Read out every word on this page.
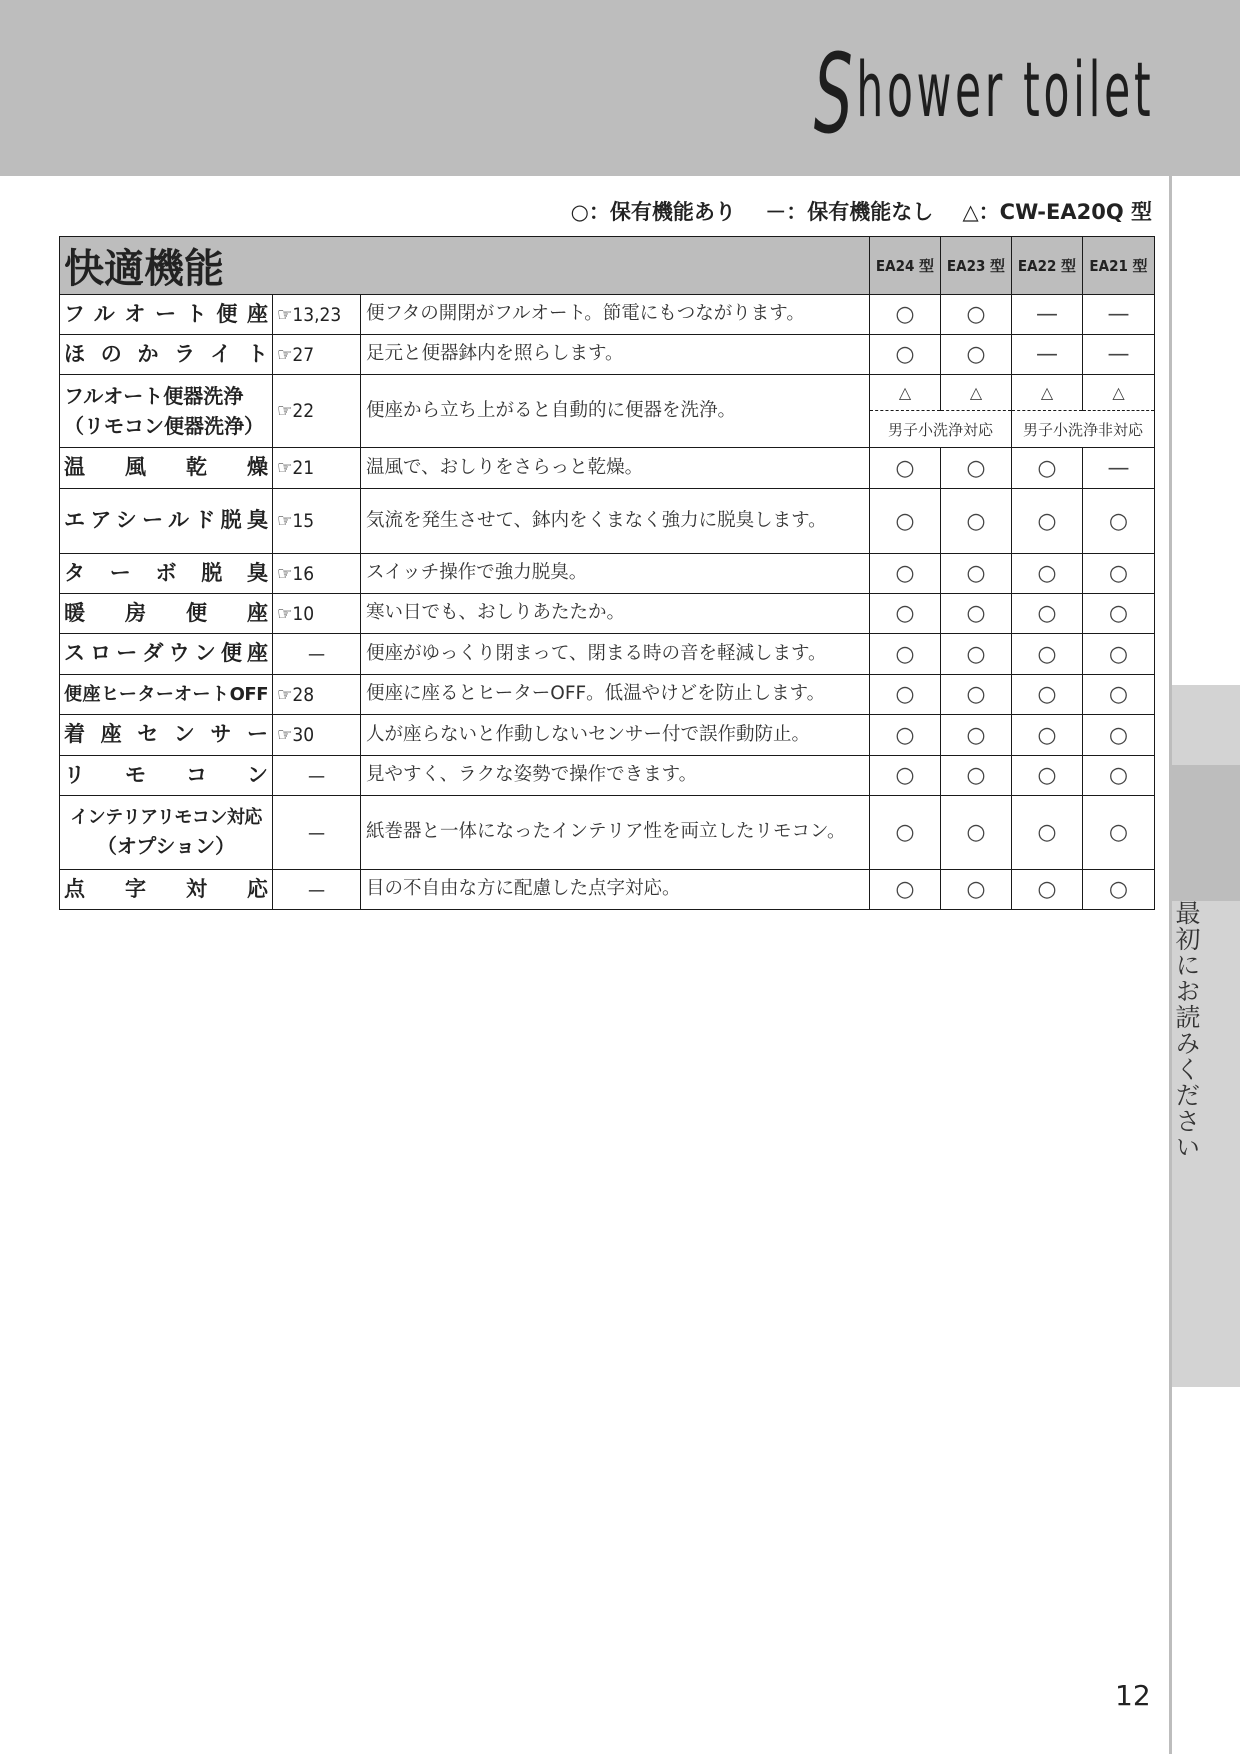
Shower toilet
最初にお読みください
○：保有機能あり －：保有機能なし △：CW-EA20Q 型
快適機能			EA24 型	EA23 型	EA22 型	EA21 型
フルオート便座	☞13,23	便フタの開閉がフルオート。節電にもつながります。	○	○	—	—
ほのかライト	☞27	足元と便器鉢内を照らします。	○	○	—	—

フルオート便器洗浄
（リモコン便器洗浄）	☞22	便座から立ち上がると自動的に便器を洗浄。	△	△	△	△
			男子小洗浄対応		男子小洗浄非対応	
温風乾燥	☞21	温風で、おしりをさらっと乾燥。	○	○	○	—
エアシールド脱臭	☞15	気流を発生させて、鉢内をくまなく強力に脱臭します。	○	○	○	○
ターボ脱臭	☞16	スイッチ操作で強力脱臭。	○	○	○	○
暖房便座	☞10	寒い日でも、おしりあたたか。	○	○	○	○
スローダウン便座	—	便座がゆっくり閉まって、閉まる時の音を軽減します。	○	○	○	○
便座ヒーターオートOFF	☞28	便座に座るとヒーターOFF。低温やけどを防止します。	○	○	○	○
着座センサー	☞30	人が座らないと作動しないセンサー付で誤作動防止。	○	○	○	○
リモコン	—	見やすく、ラクな姿勢で操作できます。	○	○	○	○

インテリアリモコン対応
（オプション）	—	紙巻器と一体になったインテリア性を両立したリモコン。	○	○	○	○
点字対応	—	目の不自由な方に配慮した点字対応。	○	○	○	○
12
